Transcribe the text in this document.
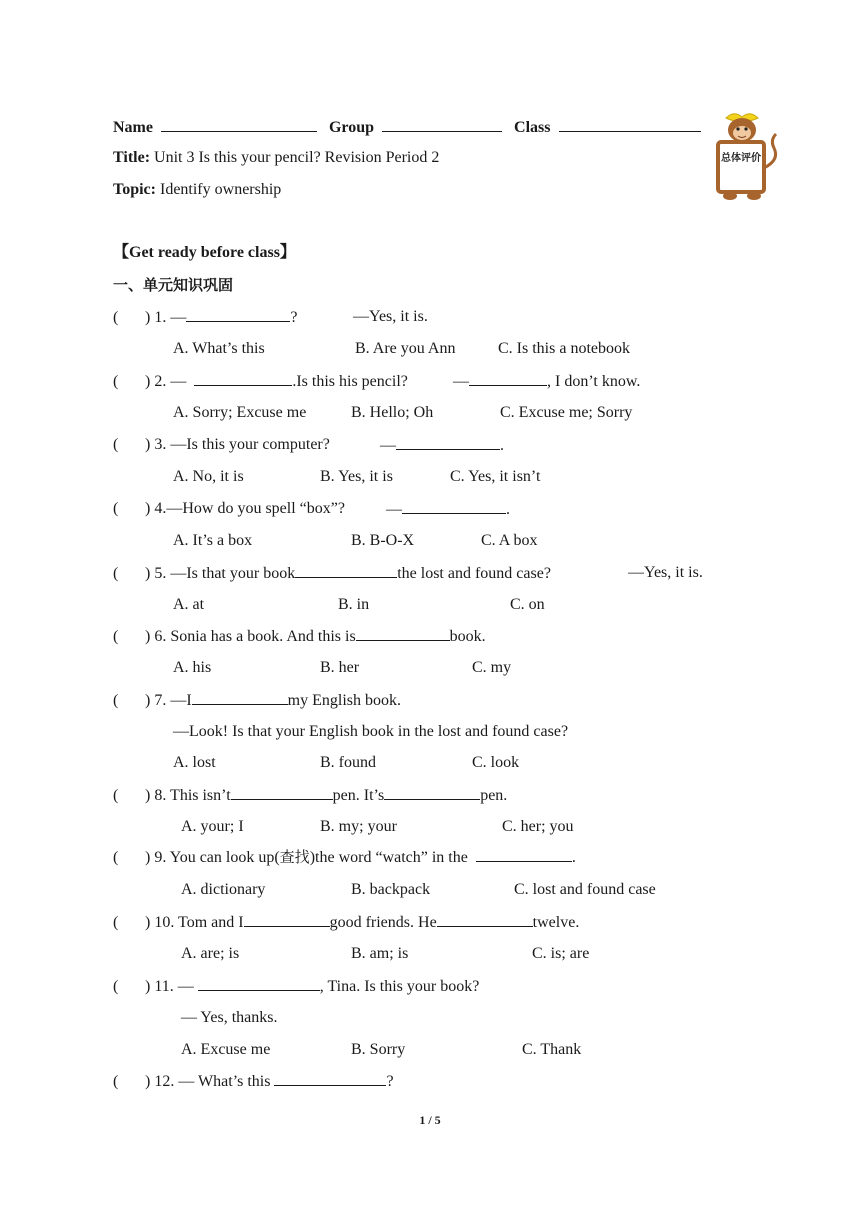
Name	Group	Class
Title: Unit 3 Is this your pencil? Revision Period 2
Topic: Identify ownership
总体评价
【Get ready before class】
一、单元知识巩固
( ) 1. —	?	—Yes, it is.
A. What’s this	B. Are you Ann	C. Is this a notebook
( ) 2. —	.Is this his pencil?	—	, I don’t know.
A. Sorry; Excuse me	B. Hello; Oh	C. Excuse me; Sorry
( ) 3. —Is this your computer?	—	.
A. No, it is	B. Yes, it is	C. Yes, it isn’t
( ) 4.—How do you spell “box”?	—	.
A. It’s a box	B. B-O-X	C. A box
( ) 5. —Is that your book	the lost and found case?	—Yes, it is.
A. at	B. in	C. on
( ) 6. Sonia has a book. And this is	book.
A. his	B. her	C. my
( ) 7. —I	my English book.
—Look! Is that your English book in the lost and found case?
A. lost	B. found	C. look
( ) 8. This isn’t	pen. It’s	pen.
A. your; I	B. my; your	C. her; you
( ) 9. You can look up(查找)the word “watch” in the	.
A. dictionary	B. backpack	C. lost and found case
( ) 10. Tom and I	good friends. He	twelve.
A. are; is	B. am; is	C. is; are
( ) 11. —	, Tina. Is this your book?
— Yes, thanks.
A. Excuse me	B. Sorry	C. Thank
( ) 12. — What’s this	?
1 / 5
